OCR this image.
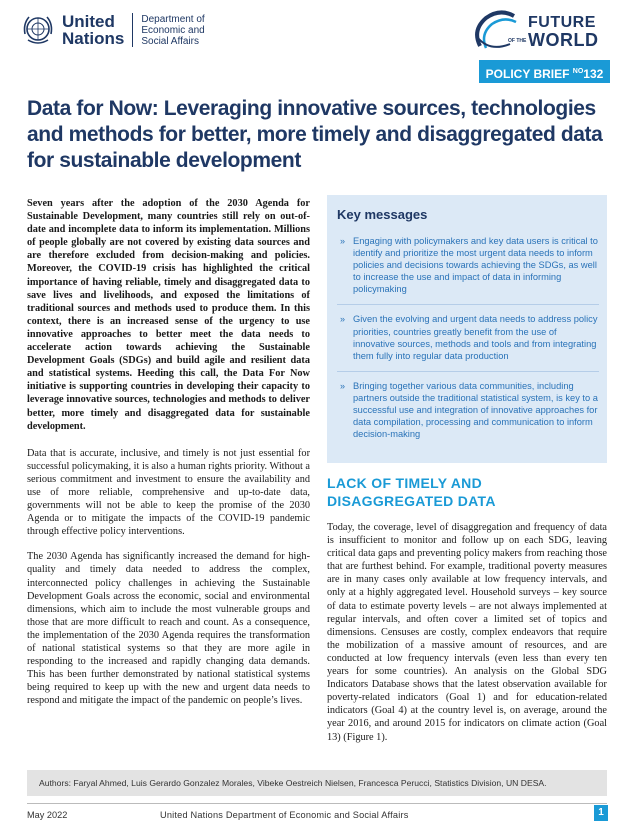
United
Nations
Department of
Economic and
Social Affairs
FUTURE
OF THE WORLD
POLICY BRIEF $^{NO}$132
Data for Now: Leveraging innovative sources, technologies and methods for better, more timely and disaggregated data for sustainable development

Seven years after the adoption of the 2030 Agenda for Sustainable Development, many countries still rely on out-of-date and incomplete data to inform its implementation. Millions of people globally are not covered by existing data sources and are therefore excluded from decision-making and policies. Moreover, the COVID-19 crisis has highlighted the critical importance of having reliable, timely and disaggregated data to save lives and livelihoods, and exposed the limitations of traditional sources and methods used to produce them. In this context, there is an increased sense of the urgency to use innovative approaches to better meet the data needs to accelerate action towards achieving the Sustainable Development Goals (SDGs) and build agile and resilient data and statistical systems. Heeding this call, the Data For Now initiative is supporting countries in developing their capacity to leverage innovative sources, technologies and methods to deliver better, more timely and disaggregated data for sustainable development.

Data that is accurate, inclusive, and timely is not just essential for successful policymaking, it is also a human rights priority. Without a serious commitment and investment to ensure the availability and use of more reliable, comprehensive and up-to-date data, governments will not be able to keep the promise of the 2030 Agenda or to mitigate the impacts of the COVID-19 pandemic through effective policy interventions.

The 2030 Agenda has significantly increased the demand for high-quality and timely data needed to address the complex, interconnected policy challenges in achieving the Sustainable Development Goals across the economic, social and environmental dimensions, which aim to include the most vulnerable groups and those that are more difficult to reach and count. As a consequence, the implementation of the 2030 Agenda requires the transformation of national statistical systems so that they are more agile in responding to the increased and rapidly changing data demands. This has been further demonstrated by national statistical systems being required to keep up with the new and urgent data needs to respond and mitigate the impact of the pandemic on people’s lives.

Key messages
» Engaging with policymakers and key data users is critical to identify and prioritize the most urgent data needs to inform policies and decisions towards achieving the SDGs, as well to increase the use and impact of data in informing policymaking
» Given the evolving and urgent data needs to address policy priorities, countries greatly benefit from the use of innovative sources, methods and tools and from integrating them fully into regular data production
» Bringing together various data communities, including partners outside the traditional statistical system, is key to a successful use and integration of innovative approaches for data compilation, processing and communication to inform decision-making
LACK OF TIMELY AND DISAGGREGATED DATA

Today, the coverage, level of disaggregation and frequency of data is insufficient to monitor and follow up on each SDG, leaving critical data gaps and preventing policy makers from reaching those that are furthest behind. For example, traditional poverty measures are in many cases only available at low frequency intervals, and only at a highly aggregated level. Household surveys – key source of data to estimate poverty levels – are not always implemented at regular intervals, and often cover a limited set of topics and dimensions. Censuses are costly, complex endeavors that require the mobilization of a massive amount of resources, and are conducted at low frequency intervals (even less than every ten years for some countries). An analysis on the Global SDG Indicators Database shows that the latest observation available for poverty-related indicators (Goal 1) and for education-related indicators (Goal 4) at the country level is, on average, around the year 2016, and around 2015 for indicators on climate action (Goal 13) (Figure 1).

Authors: Faryal Ahmed, Luis Gerardo Gonzalez Morales, Vibeke Oestreich Nielsen, Francesca Perucci, Statistics Division, UN DESA.
May 2022	United Nations Department of Economic and Social Affairs	1
